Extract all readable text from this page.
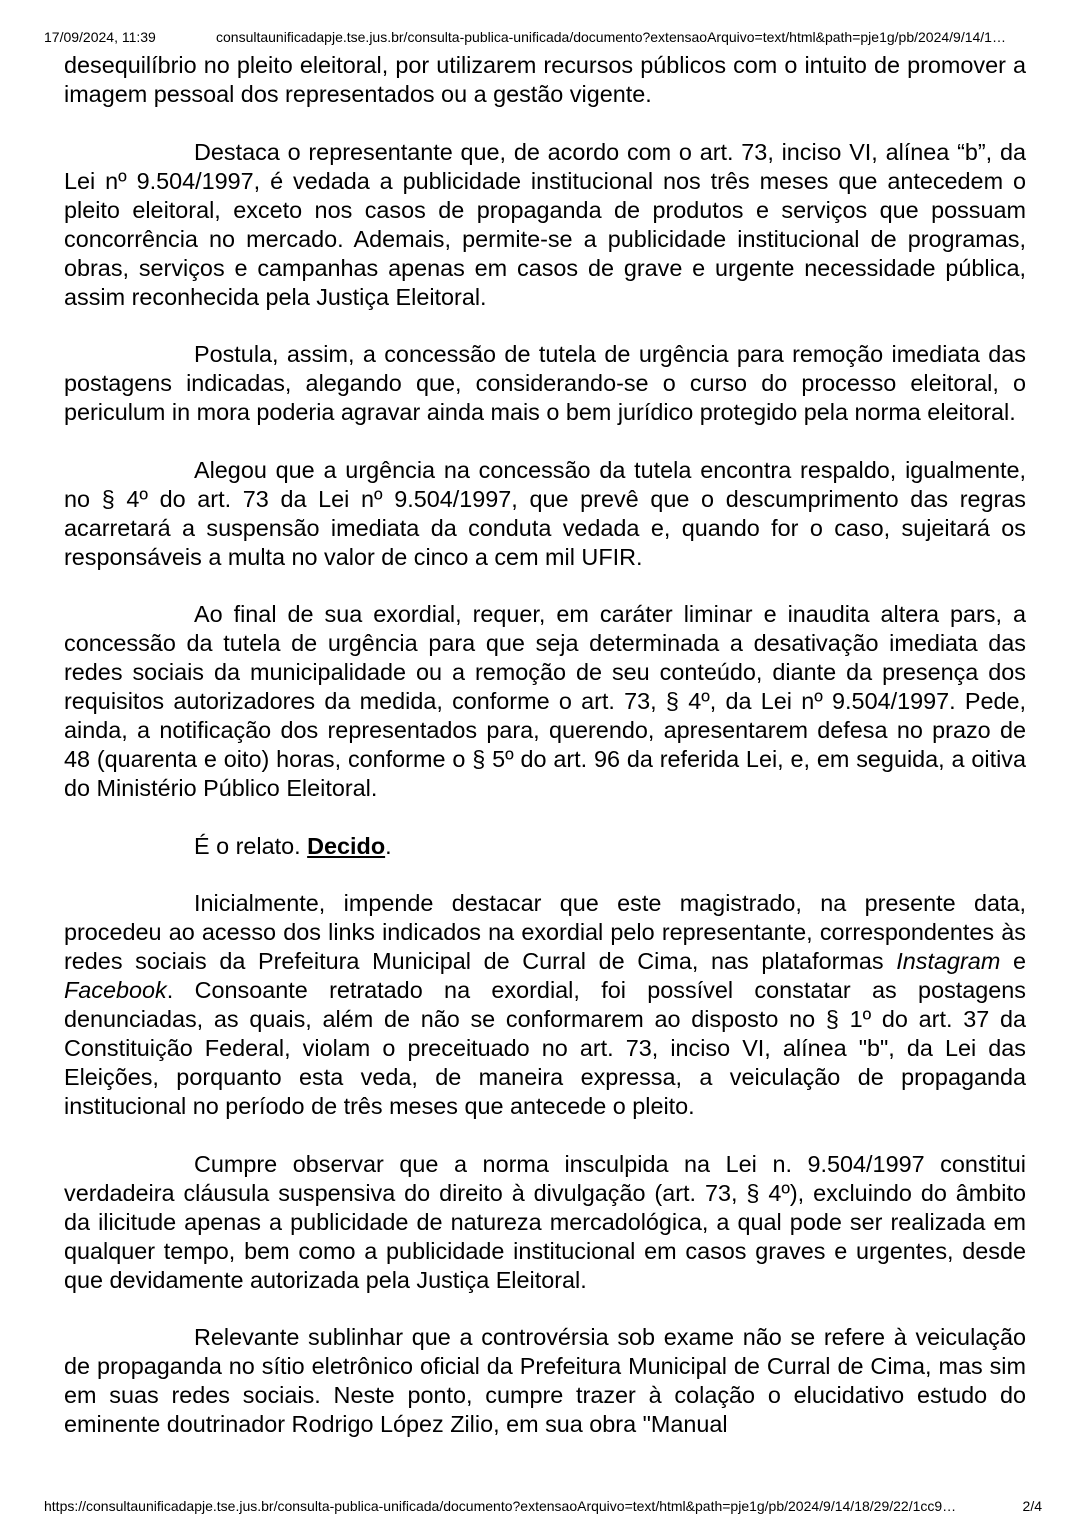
17/09/2024, 11:39	consultaunificadapje.tse.jus.br/consulta-publica-unificada/documento?extensaoArquivo=text/html&path=pje1g/pb/2024/9/14/1…

desequilíbrio no pleito eleitoral, por utilizarem recursos públicos com o intuito de promover a imagem pessoal dos representados ou a gestão vigente.

Destaca o representante que, de acordo com o art. 73, inciso VI, alínea “b”, da Lei nº 9.504/1997, é vedada a publicidade institucional nos três meses que antecedem o pleito eleitoral, exceto nos casos de propaganda de produtos e serviços que possuam concorrência no mercado. Ademais, permite-se a publicidade institucional de programas, obras, serviços e campanhas apenas em casos de grave e urgente necessidade pública, assim reconhecida pela Justiça Eleitoral.

Postula, assim, a concessão de tutela de urgência para remoção imediata das postagens indicadas, alegando que, considerando-se o curso do processo eleitoral, o periculum in mora poderia agravar ainda mais o bem jurídico protegido pela norma eleitoral.

Alegou que a urgência na concessão da tutela encontra respaldo, igualmente, no § 4º do art. 73 da Lei nº 9.504/1997, que prevê que o descumprimento das regras acarretará a suspensão imediata da conduta vedada e, quando for o caso, sujeitará os responsáveis a multa no valor de cinco a cem mil UFIR.

Ao final de sua exordial, requer, em caráter liminar e inaudita altera pars, a concessão da tutela de urgência para que seja determinada a desativação imediata das redes sociais da municipalidade ou a remoção de seu conteúdo, diante da presença dos requisitos autorizadores da medida, conforme o art. 73, § 4º, da Lei nº 9.504/1997. Pede, ainda, a notificação dos representados para, querendo, apresentarem defesa no prazo de 48 (quarenta e oito) horas, conforme o § 5º do art. 96 da referida Lei, e, em seguida, a oitiva do Ministério Público Eleitoral.

É o relato. Decido.

Inicialmente, impende destacar que este magistrado, na presente data, procedeu ao acesso dos links indicados na exordial pelo representante, correspondentes às redes sociais da Prefeitura Municipal de Curral de Cima, nas plataformas Instagram e Facebook. Consoante retratado na exordial, foi possível constatar as postagens denunciadas, as quais, além de não se conformarem ao disposto no § 1º do art. 37 da Constituição Federal, violam o preceituado no art. 73, inciso VI, alínea "b", da Lei das Eleições, porquanto esta veda, de maneira expressa, a veiculação de propaganda institucional no período de três meses que antecede o pleito.

Cumpre observar que a norma insculpida na Lei n. 9.504/1997 constitui verdadeira cláusula suspensiva do direito à divulgação (art. 73, § 4º), excluindo do âmbito da ilicitude apenas a publicidade de natureza mercadológica, a qual pode ser realizada em qualquer tempo, bem como a publicidade institucional em casos graves e urgentes, desde que devidamente autorizada pela Justiça Eleitoral.

Relevante sublinhar que a controvérsia sob exame não se refere à veiculação de propaganda no sítio eletrônico oficial da Prefeitura Municipal de Curral de Cima, mas sim em suas redes sociais. Neste ponto, cumpre trazer à colação o elucidativo estudo do eminente doutrinador Rodrigo López Zilio, em sua obra "Manual

https://consultaunificadapje.tse.jus.br/consulta-publica-unificada/documento?extensaoArquivo=text/html&path=pje1g/pb/2024/9/14/18/29/22/1cc9…	2/4
